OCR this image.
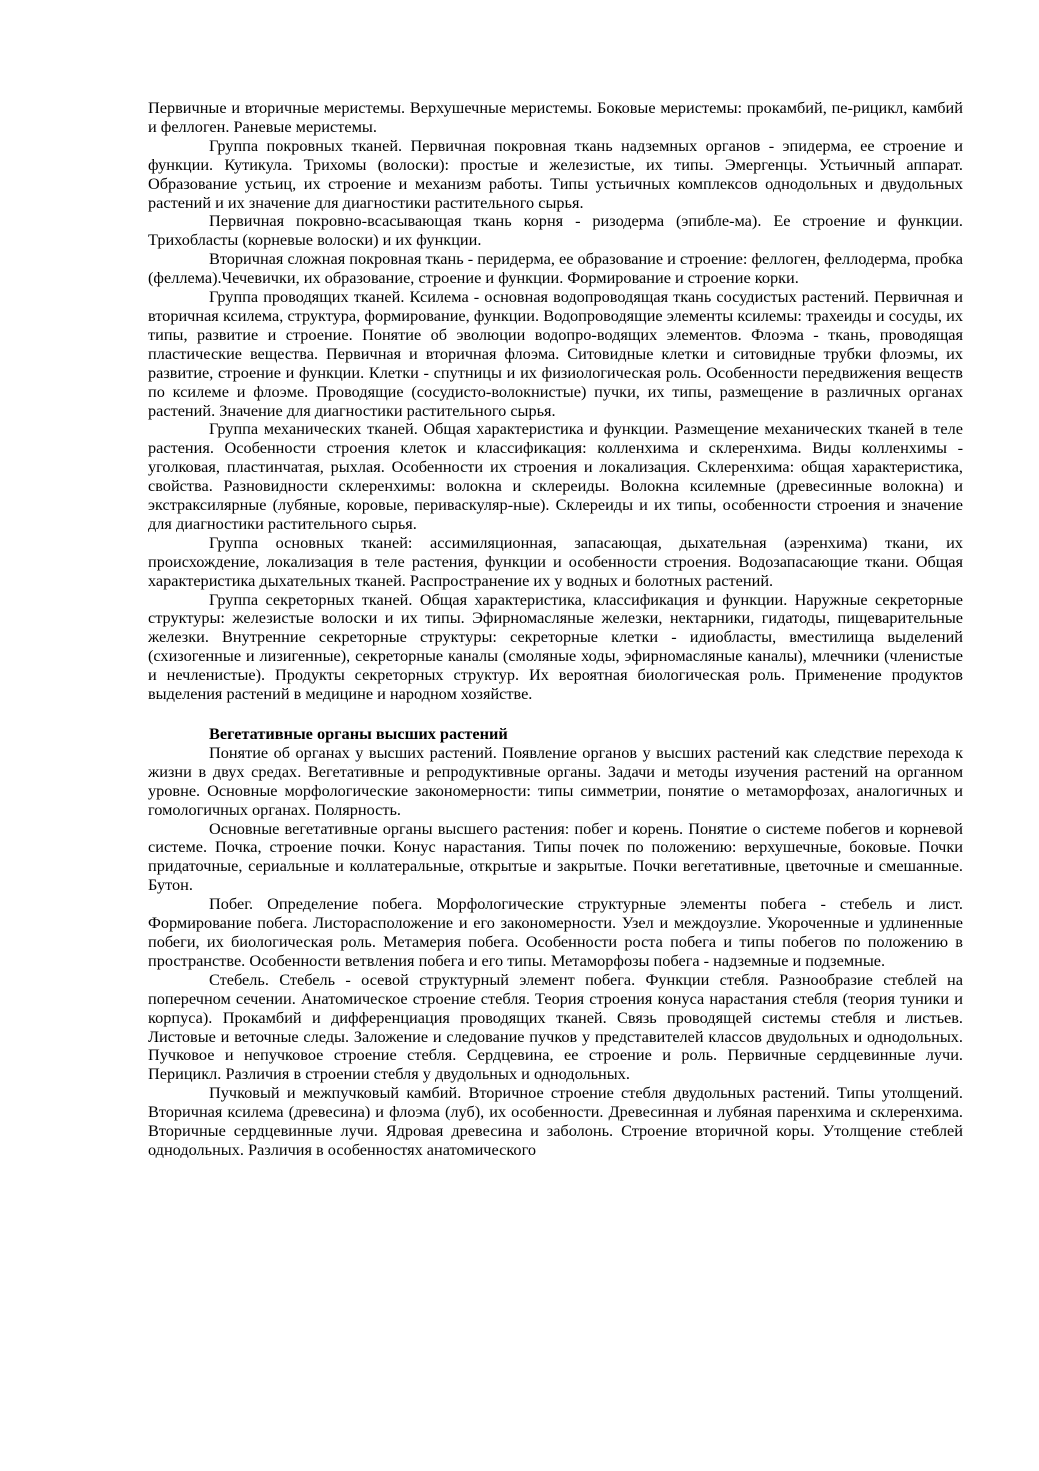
Первичные и вторичные меристемы. Верхушечные меристемы. Боковые меристемы: прокамбий, пе-рицикл, камбий и феллоген. Раневые меристемы.

Группа покровных тканей. Первичная покровная ткань надземных органов - эпидерма, ее строение и функции. Кутикула. Трихомы (волоски): простые и железистые, их типы. Эмергенцы. Устьичный аппарат. Образование устьиц, их строение и механизм работы. Типы устьичных комплексов однодольных и двудольных растений и их значение для диагностики растительного сырья.

Первичная покровно-всасывающая ткань корня - ризодерма (эпибле-ма). Ее строение и функции. Трихобласты (корневые волоски) и их функции.

Вторичная сложная покровная ткань - перидерма, ее образование и строение: феллоген, феллодерма, пробка (феллема).Чечевички, их образование, строение и функции. Формирование и строение корки.

Группа проводящих тканей. Ксилема - основная водопроводящая ткань сосудистых растений. Первичная и вторичная ксилема, структура, формирование, функции. Водопроводящие элементы ксилемы: трахеиды и сосуды, их типы, развитие и строение. Понятие об эволюции водопро-водящих элементов. Флоэма - ткань, проводящая пластические вещества. Первичная и вторичная флоэма. Ситовидные клетки и ситовидные трубки флоэмы, их развитие, строение и функции. Клетки - спутницы и их физиологическая роль. Особенности передвижения веществ по ксилеме и флоэме. Проводящие (сосудисто-волокнистые) пучки, их типы, размещение в различных органах растений. Значение для диагностики растительного сырья.

Группа механических тканей. Общая характеристика и функции. Размещение механических тканей в теле растения. Особенности строения клеток и классификация: колленхима и склеренхима. Виды колленхимы - уголковая, пластинчатая, рыхлая. Особенности их строения и локализация. Склеренхима: общая характеристика, свойства. Разновидности склеренхимы: волокна и склереиды. Волокна ксилемные (древесинные волокна) и экстраксилярные (лубяные, коровые, периваскуляр-ные). Склереиды и их типы, особенности строения и значение для диагностики растительного сырья.

Группа основных тканей: ассимиляционная, запасающая, дыхательная (аэренхима) ткани, их происхождение, локализация в теле растения, функции и особенности строения. Водозапасающие ткани. Общая характеристика дыхательных тканей. Распространение их у водных и болотных растений.

Группа секреторных тканей. Общая характеристика, классификация и функции. Наружные секреторные структуры: железистые волоски и их типы. Эфирномасляные железки, нектарники, гидатоды, пищеварительные железки. Внутренние секреторные структуры: секреторные клетки - идиобласты, вместилища выделений (схизогенные и лизигенные), секреторные каналы (смоляные ходы, эфирномасляные каналы), млечники (членистые и нечленистые). Продукты секреторных структур. Их вероятная биологическая роль. Применение продуктов выделения растений в медицине и народном хозяйстве.

Вегетативные органы высших растений

Понятие об органах у высших растений. Появление органов у высших растений как следствие перехода к жизни в двух средах. Вегетативные и репродуктивные органы. Задачи и методы изучения растений на органном уровне. Основные морфологические закономерности: типы симметрии, понятие о метаморфозах, аналогичных и гомологичных органах. Полярность.

Основные вегетативные органы высшего растения: побег и корень. Понятие о системе побегов и корневой системе. Почка, строение почки. Конус нарастания. Типы почек по положению: верхушечные, боковые. Почки придаточные, сериальные и коллатеральные, открытые и закрытые. Почки вегетативные, цветочные и смешанные. Бутон.

Побег. Определение побега. Морфологические структурные элементы побега - стебель и лист. Формирование побега. Листорасположение и его закономерности. Узел и междоузлие. Укороченные и удлиненные побеги, их биологическая роль. Метамерия побега. Особенности роста побега и типы побегов по положению в пространстве. Особенности ветвления побега и его типы. Метаморфозы побега - надземные и подземные.

Стебель. Стебель - осевой структурный элемент побега. Функции стебля. Разнообразие стеблей на поперечном сечении. Анатомическое строение стебля. Теория строения конуса нарастания стебля (теория туники и корпуса). Прокамбий и дифференциация проводящих тканей. Связь проводящей системы стебля и листьев. Листовые и веточные следы. Заложение и следование пучков у представителей классов двудольных и однодольных. Пучковое и непучковое строение стебля. Сердцевина, ее строение и роль. Первичные сердцевинные лучи. Перицикл. Различия в строении стебля у двудольных и однодольных.

Пучковый и межпучковый камбий. Вторичное строение стебля двудольных растений. Типы утолщений. Вторичная ксилема (древесина) и флоэма (луб), их особенности. Древесинная и лубяная паренхима и склеренхима. Вторичные сердцевинные лучи. Ядровая древесина и заболонь. Строение вторичной коры. Утолщение стеблей однодольных. Различия в особенностях анатомического
